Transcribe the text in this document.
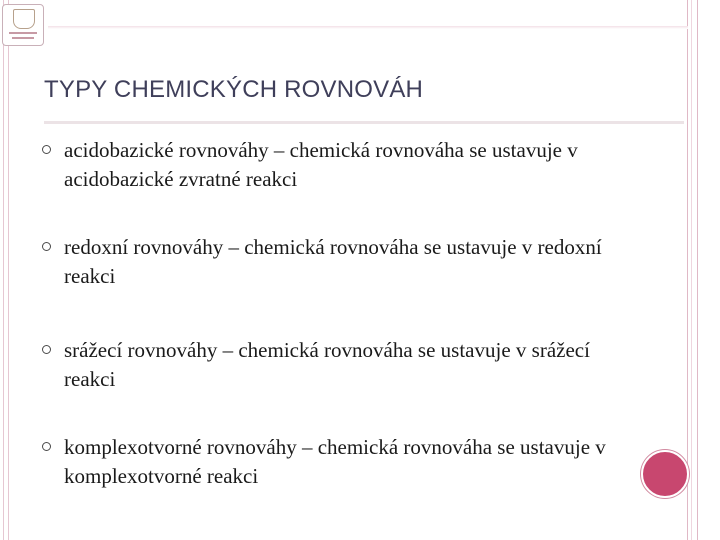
TYPY CHEMICKÝCH ROVNOVÁH
acidobazické rovnováhy – chemická rovnováha se ustavuje v acidobazické zvratné reakci
redoxní rovnováhy – chemická rovnováha se ustavuje v redoxní reakci
srážecí rovnováhy – chemická rovnováha se ustavuje v srážecí reakci
komplexotvorné rovnováhy – chemická rovnováha se ustavuje v komplexotvorné reakci
